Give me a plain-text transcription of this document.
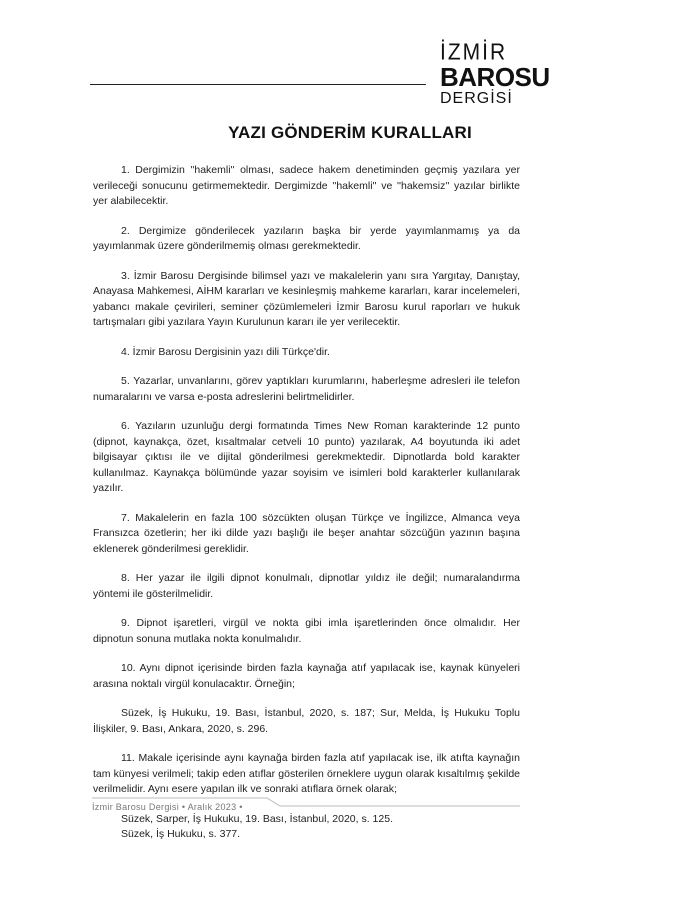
İZMİR
BAROSU
DERGİSİ
YAZI GÖNDERİM KURALLARI

1. Dergimizin ''hakemli'' olması, sadece hakem denetiminden geçmiş yazılara yer verileceği sonucunu getirmemektedir. Dergimizde ''hakemli'' ve ''hakemsiz'' yazılar birlikte yer alabilecektir.

2. Dergimize gönderilecek yazıların başka bir yerde yayımlanmamış ya da yayımlanmak üzere gönderilmemiş olması gerekmektedir.

3. İzmir Barosu Dergisinde bilimsel yazı ve makalelerin yanı sıra Yargıtay, Danıştay, Anayasa Mahkemesi, AİHM kararları ve kesinleşmiş mahkeme kararları, karar incelemeleri, yabancı makale çevirileri, seminer çözümlemeleri İzmir Barosu kurul raporları ve hukuk tartışmaları gibi yazılara Yayın Kurulunun kararı ile yer verilecektir.

4. İzmir Barosu Dergisinin yazı dili Türkçe'dir.

5. Yazarlar, unvanlarını, görev yaptıkları kurumlarını, haberleşme adresleri ile telefon numaralarını ve varsa e-posta adreslerini belirtmelidirler.

6. Yazıların uzunluğu dergi formatında Times New Roman karakterinde 12 punto (dipnot, kaynakça, özet, kısaltmalar cetveli 10 punto) yazılarak, A4 boyutunda iki adet bilgisayar çıktısı ile ve dijital gönderilmesi gerekmektedir. Dipnotlarda bold karakter kullanılmaz. Kaynakça bölümünde yazar soyisim ve isimleri bold karakterler kullanılarak yazılır.

7. Makalelerin en fazla 100 sözcükten oluşan Türkçe ve İngilizce, Almanca veya Fransızca özetlerin; her iki dilde yazı başlığı ile beşer anahtar sözcüğün yazının başına eklenerek gönderilmesi gereklidir.

8. Her yazar ile ilgili dipnot konulmalı, dipnotlar yıldız ile değil; numaralandırma yöntemi ile gösterilmelidir.

9. Dipnot işaretleri, virgül ve nokta gibi imla işaretlerinden önce olmalıdır. Her dipnotun sonuna mutlaka nokta konulmalıdır.

10. Aynı dipnot içerisinde birden fazla kaynağa atıf yapılacak ise, kaynak künyeleri arasına noktalı virgül konulacaktır. Örneğin;

Süzek, İş Hukuku, 19. Bası, İstanbul, 2020, s. 187; Sur, Melda, İş Hukuku Toplu İlişkiler, 9. Bası, Ankara, 2020, s. 296.

11. Makale içerisinde aynı kaynağa birden fazla atıf yapılacak ise, ilk atıfta kaynağın tam künyesi verilmeli; takip eden atıflar gösterilen örneklere uygun olarak kısaltılmış şekilde verilmelidir. Aynı esere yapılan ilk ve sonraki atıflara örnek olarak;

Süzek, Sarper, İş Hukuku, 19. Bası, İstanbul, 2020, s. 125.
Süzek, İş Hukuku, s. 377.

İzmir Barosu Dergisi • Aralık 2023 •
